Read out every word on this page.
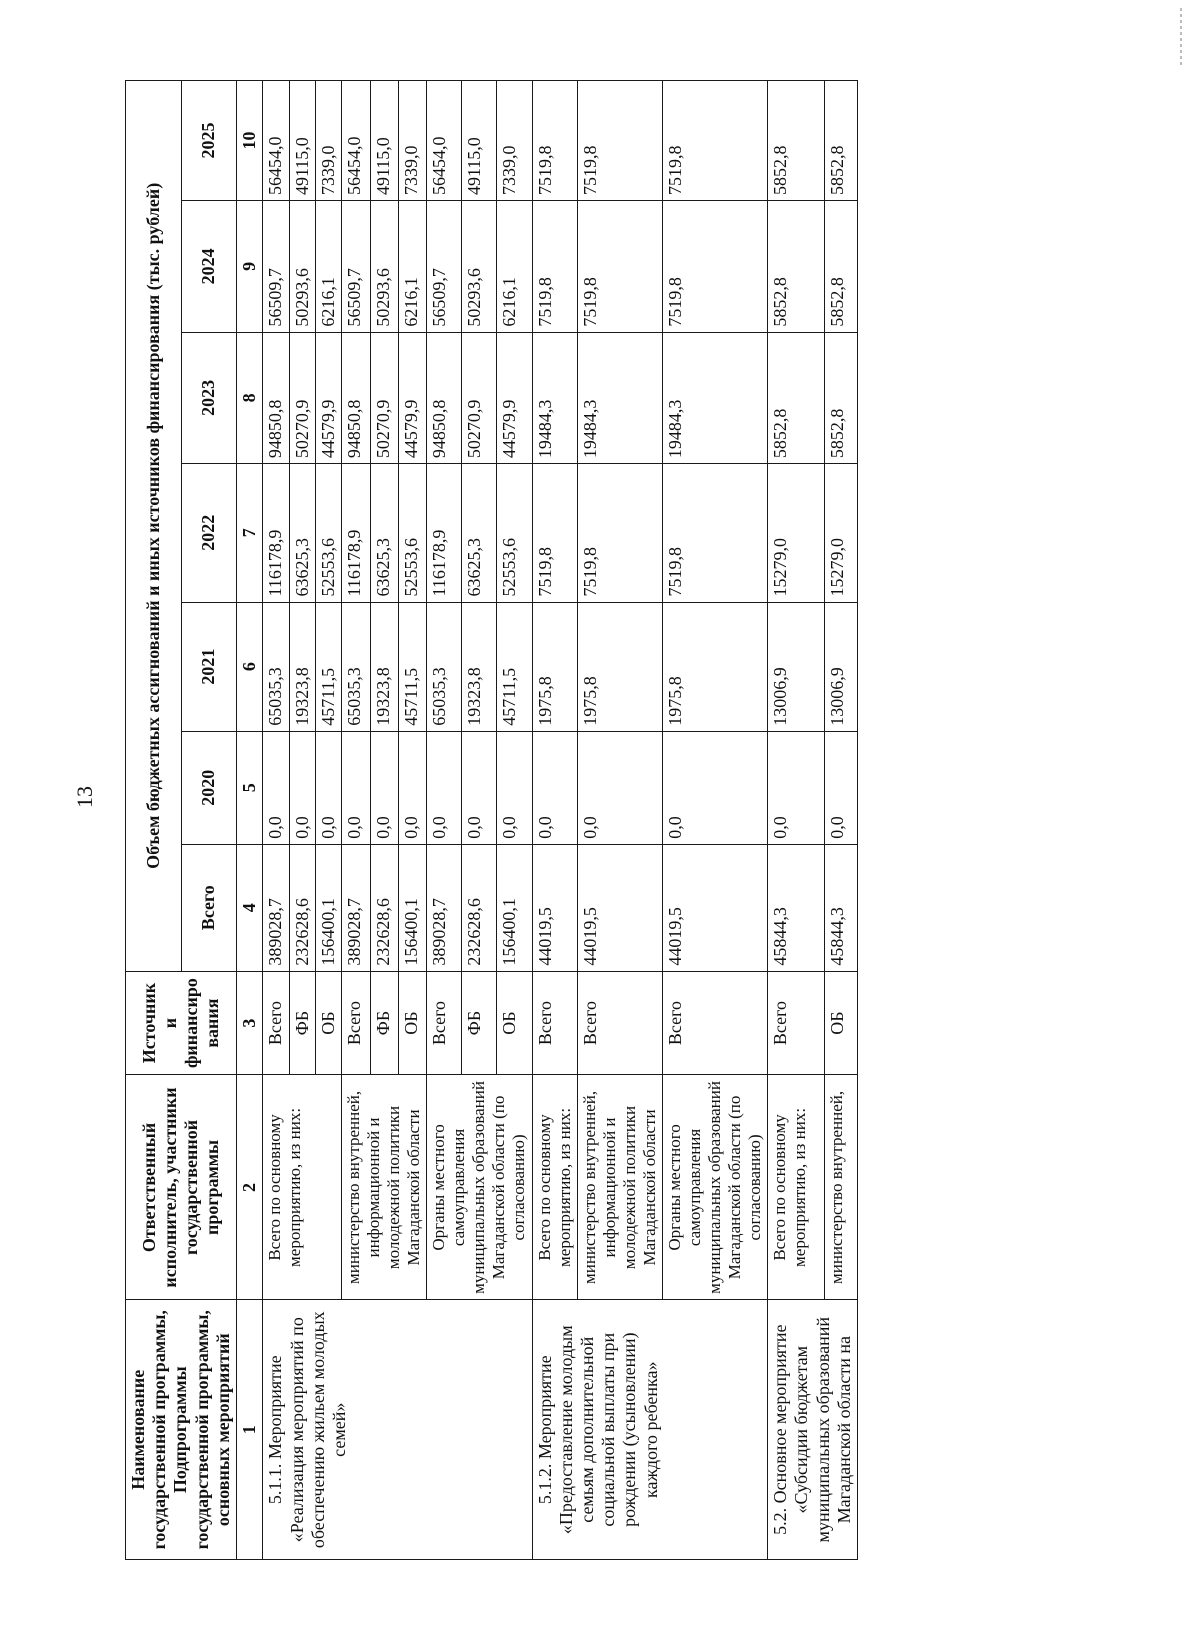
13
Наименование государственной программы, Подпрограммы государственной программы, основных мероприятий	Ответственный исполнитель, участники государственной программы	Источник и финансиро вания	Объем бюджетных ассигнований и иных источников финансирования (тыс. рублей)						
			Всего	2020	2021	2022	2023	2024	2025
1	2	3	4	5	6	7	8	9	10
5.1.1. Мероприятие «Реализация мероприятий по обеспечению жильем молодых семей»	Всего по основному мероприятию, из них:	Всего	389028,7	0,0	65035,3	116178,9	94850,8	56509,7	56454,0
		ФБ	232628,6	0,0	19323,8	63625,3	50270,9	50293,6	49115,0
		ОБ	156400,1	0,0	45711,5	52553,6	44579,9	6216,1	7339,0
	министерство внутренней, информационной и молодежной политики Магаданской области	Всего	389028,7	0,0	65035,3	116178,9	94850,8	56509,7	56454,0
		ФБ	232628,6	0,0	19323,8	63625,3	50270,9	50293,6	49115,0
		ОБ	156400,1	0,0	45711,5	52553,6	44579,9	6216,1	7339,0
	Органы местного самоуправления муниципальных образований Магаданской области (по согласованию)	Всего	389028,7	0,0	65035,3	116178,9	94850,8	56509,7	56454,0
		ФБ	232628,6	0,0	19323,8	63625,3	50270,9	50293,6	49115,0
		ОБ	156400,1	0,0	45711,5	52553,6	44579,9	6216,1	7339,0
5.1.2. Мероприятие «Предоставление молодым семьям дополнительной социальной выплаты при рождении (усыновлении) каждого ребенка»	Всего по основному мероприятию, из них:	Всего	44019,5	0,0	1975,8	7519,8	19484,3	7519,8	7519,8
	министерство внутренней, информационной и молодежной политики Магаданской области	Всего	44019,5	0,0	1975,8	7519,8	19484,3	7519,8	7519,8
	Органы местного самоуправления муниципальных образований Магаданской области (по согласованию)	Всего	44019,5	0,0	1975,8	7519,8	19484,3	7519,8	7519,8
5.2. Основное мероприятие «Субсидии бюджетам муниципальных образований Магаданской области на	Всего по основному мероприятию, из них:	Всего	45844,3	0,0	13006,9	15279,0	5852,8	5852,8	5852,8
	министерство внутренней,	ОБ	45844,3	0,0	13006,9	15279,0	5852,8	5852,8	5852,8
